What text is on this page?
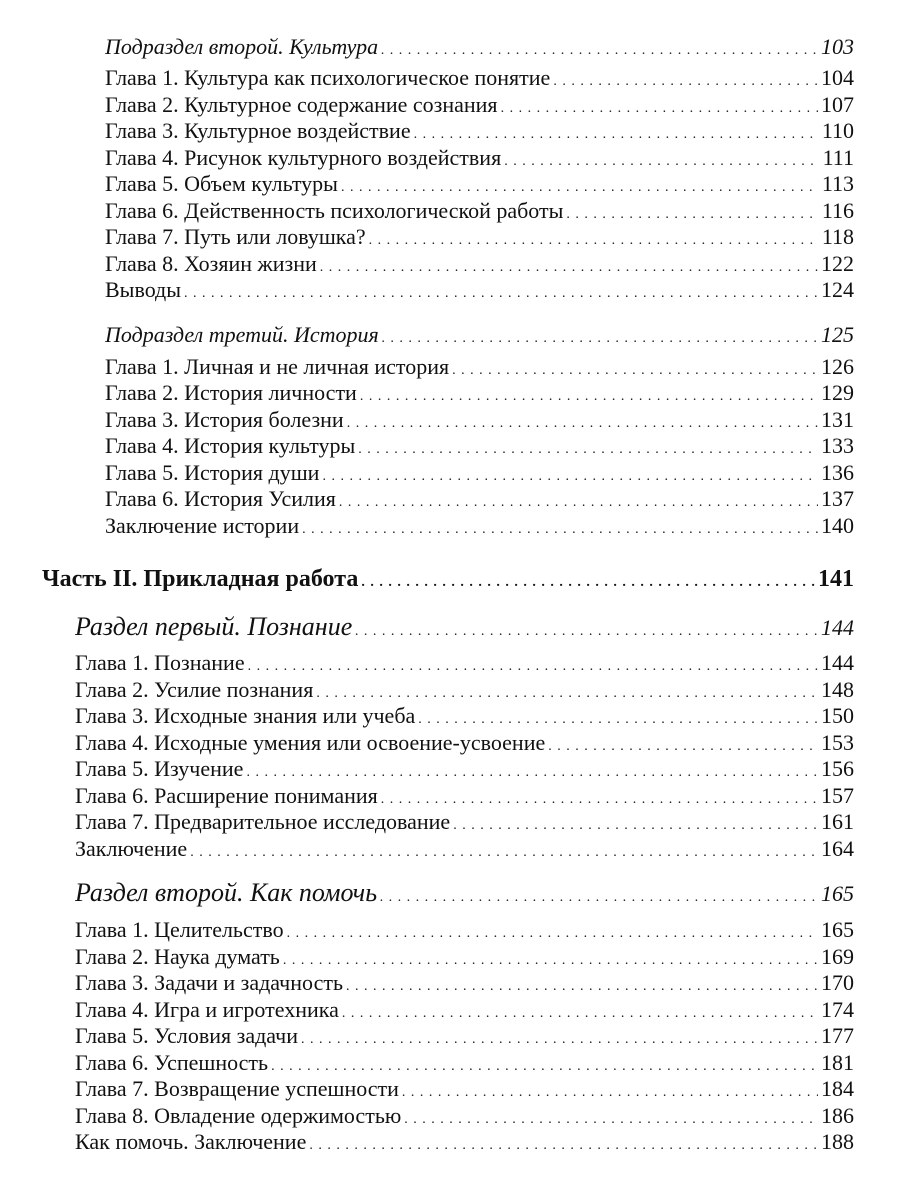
Подраздел второй. Культура . . .	103
Глава 1. Культура как психологическое понятие . . .	104
Глава 2. Культурное содержание сознания . . .	107
Глава 3. Культурное воздействие . . .	110
Глава 4. Рисунок культурного воздействия . . .	111
Глава 5. Объем культуры . . .	113
Глава 6. Действенность психологической работы . . .	116
Глава 7. Путь или ловушка? . . .	118
Глава 8. Хозяин жизни . . .	122
Выводы . . .	124
Подраздел третий. История . . .	125
Глава 1. Личная и не личная история . . .	126
Глава 2. История личности . . .	129
Глава 3. История болезни . . .	131
Глава 4. История культуры . . .	133
Глава 5. История души . . .	136
Глава 6. История Усилия . . .	137
Заключение истории . . .	140
Часть II. Прикладная работа . . .	141
Раздел первый. Познание . . .	144
Глава 1. Познание . . .	144
Глава 2. Усилие познания . . .	148
Глава 3. Исходные знания или учеба . . .	150
Глава 4. Исходные умения или освоение-усвоение . . .	153
Глава 5. Изучение . . .	156
Глава 6. Расширение понимания . . .	157
Глава 7. Предварительное исследование . . .	161
Заключение . . .	164
Раздел второй. Как помочь . . .	165
Глава 1. Целительство . . .	165
Глава 2. Наука думать . . .	169
Глава 3. Задачи и задачность . . .	170
Глава 4. Игра и игротехника . . .	174
Глава 5. Условия задачи . . .	177
Глава 6. Успешность . . .	181
Глава 7. Возвращение успешности . . .	184
Глава 8. Овладение одержимостью . . .	186
Как помочь. Заключение . . .	188
